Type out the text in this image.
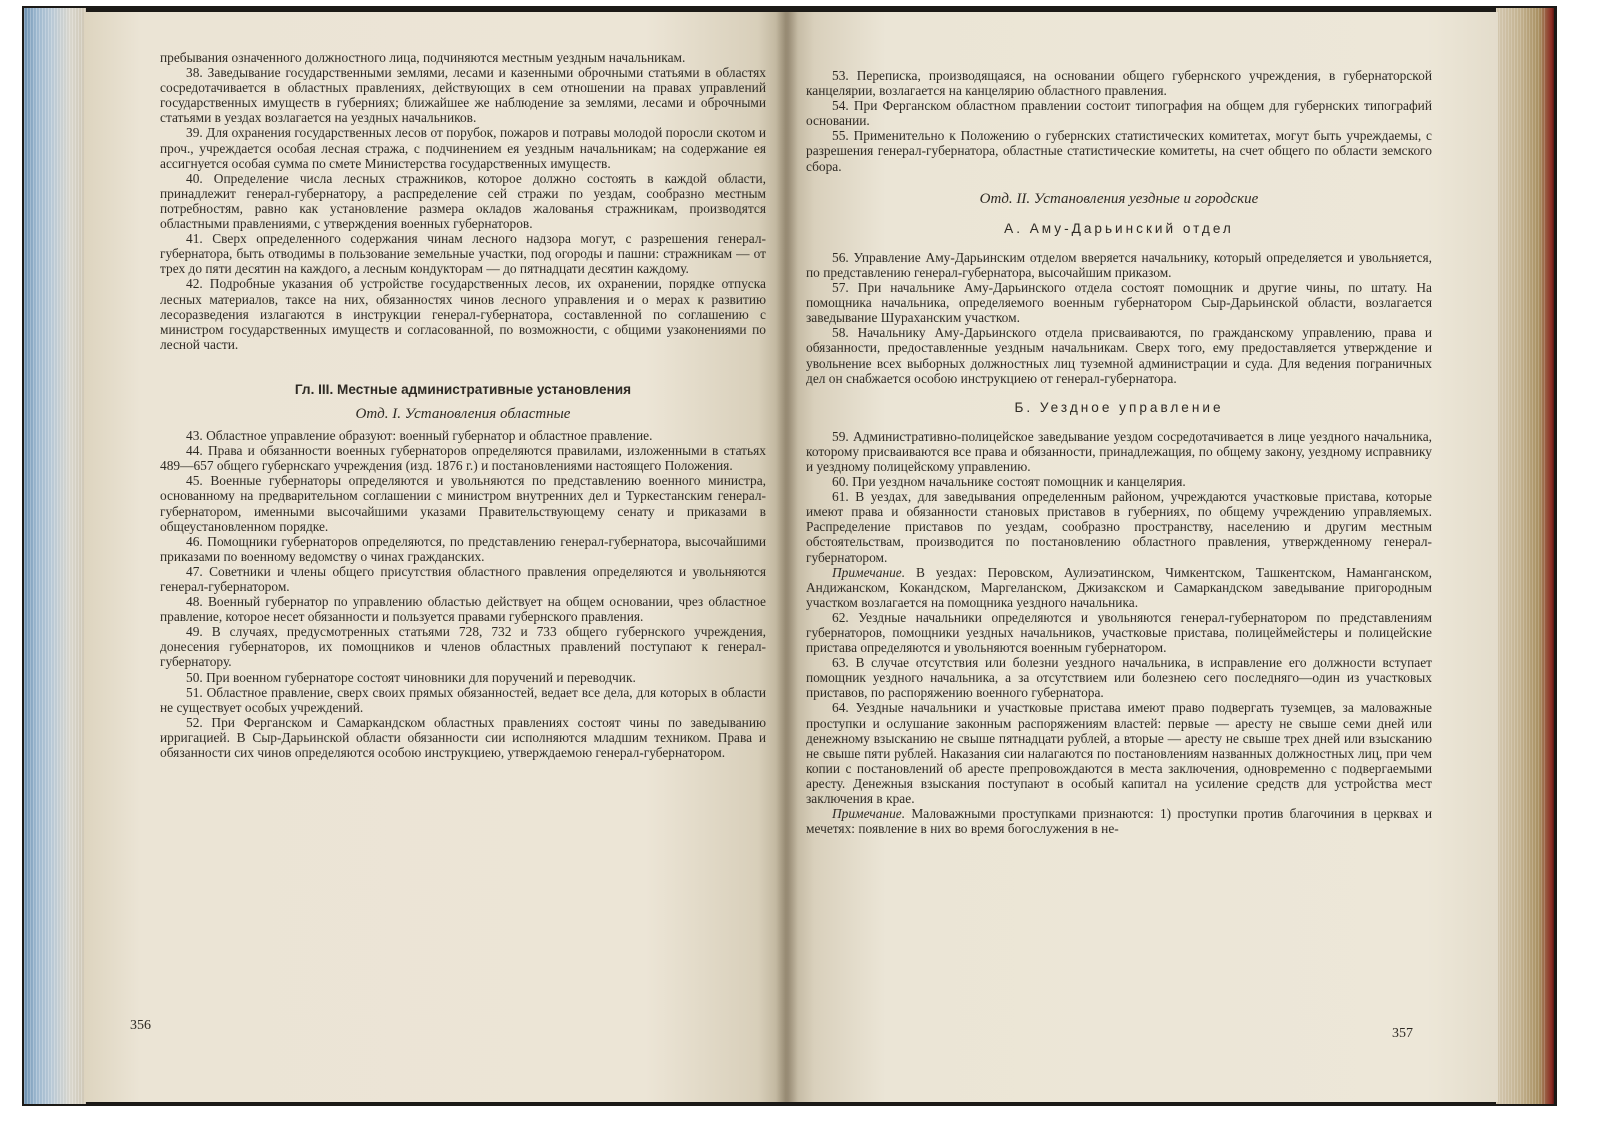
пребывания означенного должностного лица, подчиняются местным уездным начальникам.

38. Заведывание государственными землями, лесами и казенными оброчными статьями в областях сосредотачивается в областных правлениях, действующих в сем отношении на правах управлений государственных имуществ в губерниях; ближайшее же наблюдение за землями, лесами и оброчными статьями в уездах возлагается на уездных начальников.

39. Для охранения государственных лесов от порубок, пожаров и потравы молодой поросли скотом и проч., учреждается особая лесная стража, с подчинением ея уездным начальникам; на содержание ея ассигнуется особая сумма по смете Министерства государственных имуществ.

40. Определение числа лесных стражников, которое должно состоять в каждой области, принадлежит генерал-губернатору, а распределение сей стражи по уездам, сообразно местным потребностям, равно как установление размера окладов жалованья стражникам, производятся областными правлениями, с утверждения военных губернаторов.

41. Сверх определенного содержания чинам лесного надзора могут, с разрешения генерал-губернатора, быть отводимы в пользование земельные участки, под огороды и пашни: стражникам — от трех до пяти десятин на каждого, а лесным кондукторам — до пятнадцати десятин каждому.

42. Подробные указания об устройстве государственных лесов, их охранении, порядке отпуска лесных материалов, таксе на них, обязанностях чинов лесного управления и о мерах к развитию лесоразведения излагаются в инструкции генерал-губернатора, составленной по соглашению с министром государственных имуществ и согласованной, по возможности, с общими узаконениями по лесной части.

Гл. III. Местные административные установления
Отд. I. Установления областные

43. Областное управление образуют: военный губернатор и областное правление.

44. Права и обязанности военных губернаторов определяются правилами, изложенными в статьях 489—657 общего губернскаго учреждения (изд. 1876 г.) и постановлениями настоящего Положения.

45. Военные губернаторы определяются и увольняются по представлению военного министра, основанному на предварительном соглашении с министром внутренних дел и Туркестанским генерал-губернатором, именными высочайшими указами Правительствующему сенату и приказами в общеустановленном порядке.

46. Помощники губернаторов определяются, по представлению генерал-губернатора, высочайшими приказами по военному ведомству о чинах гражданских.

47. Советники и члены общего присутствия областного правления определяются и увольняются генерал-губернатором.

48. Военный губернатор по управлению областью действует на общем основании, чрез областное правление, которое несет обязанности и пользуется правами губернского правления.

49. В случаях, предусмотренных статьями 728, 732 и 733 общего губернского учреждения, донесения губернаторов, их помощников и членов областных правлений поступают к генерал-губернатору.

50. При военном губернаторе состоят чиновники для поручений и переводчик.

51. Областное правление, сверх своих прямых обязанностей, ведает все дела, для которых в области не существует особых учреждений.

52. При Ферганском и Самаркандском областных правлениях состоят чины по заведыванию ирригацией. В Сыр-Дарьинской области обязанности сии исполняются младшим техником. Права и обязанности сих чинов определяются особою инструкциею, утверждаемою генерал-губернатором.

356

53. Переписка, производящаяся, на основании общего губернского учреждения, в губернаторской канцелярии, возлагается на канцелярию областного правления.

54. При Ферганском областном правлении состоит типография на общем для губернских типографий основании.

55. Применительно к Положению о губернских статистических комитетах, могут быть учреждаемы, с разрешения генерал-губернатора, областные статистические комитеты, на счет общего по области земского сбора.

Отд. II. Установления уездные и городские
А. Аму-Дарьинский отдел

56. Управление Аму-Дарьинским отделом вверяется начальнику, который определяется и увольняется, по представлению генерал-губернатора, высочайшим приказом.

57. При начальнике Аму-Дарьинского отдела состоят помощник и другие чины, по штату. На помощника начальника, определяемого военным губернатором Сыр-Дарьинской области, возлагается заведывание Шураханским участком.

58. Начальнику Аму-Дарьинского отдела присваиваются, по гражданскому управлению, права и обязанности, предоставленные уездным начальникам. Сверх того, ему предоставляется утверждение и увольнение всех выборных должностных лиц туземной администрации и суда. Для ведения пограничных дел он снабжается особою инструкциею от генерал-губернатора.

Б. Уездное управление

59. Административно-полицейское заведывание уездом сосредотачивается в лице уездного начальника, которому присваиваются все права и обязанности, принадлежащия, по общему закону, уездному исправнику и уездному полицейскому управлению.

60. При уездном начальнике состоят помощник и канцелярия.

61. В уездах, для заведывания определенным районом, учреждаются участковые пристава, которые имеют права и обязанности становых приставов в губерниях, по общему учреждению управляемых. Распределение приставов по уездам, сообразно пространству, населению и другим местным обстоятельствам, производится по постановлению областного правления, утвержденному генерал-губернатором.

Примечание. В уездах: Перовском, Аулиэатинском, Чимкентском, Ташкентском, Наманганском, Андижанском, Кокандском, Маргеланском, Джизакском и Самаркандском заведывание пригородным участком возлагается на помощника уездного начальника.

62. Уездные начальники определяются и увольняются генерал-губернатором по представлениям губернаторов, помощники уездных начальников, участковые пристава, полицеймейстеры и полицейские пристава определяются и увольняются военным губернатором.

63. В случае отсутствия или болезни уездного начальника, в исправление его должности вступает помощник уездного начальника, а за отсутствием или болезнею сего последняго—один из участковых приставов, по распоряжению военного губернатора.

64. Уездные начальники и участковые пристава имеют право подвергать туземцев, за маловажные проступки и ослушание законным распоряжениям властей: первые — аресту не свыше семи дней или денежному взысканию не свыше пятнадцати рублей, а вторые — аресту не свыше трех дней или взысканию не свыше пяти рублей. Наказания сии налагаются по постановлениям названных должностных лиц, при чем копии с постановлений об аресте препровождаются в места заключения, одновременно с подвергаемыми аресту. Денежныя взыскания поступают в особый капитал на усиление средств для устройства мест заключения в крае.

Примечание. Маловажными проступками признаются: 1) проступки против благочиния в церквах и мечетях: появление в них во время богослужения в не-

357
